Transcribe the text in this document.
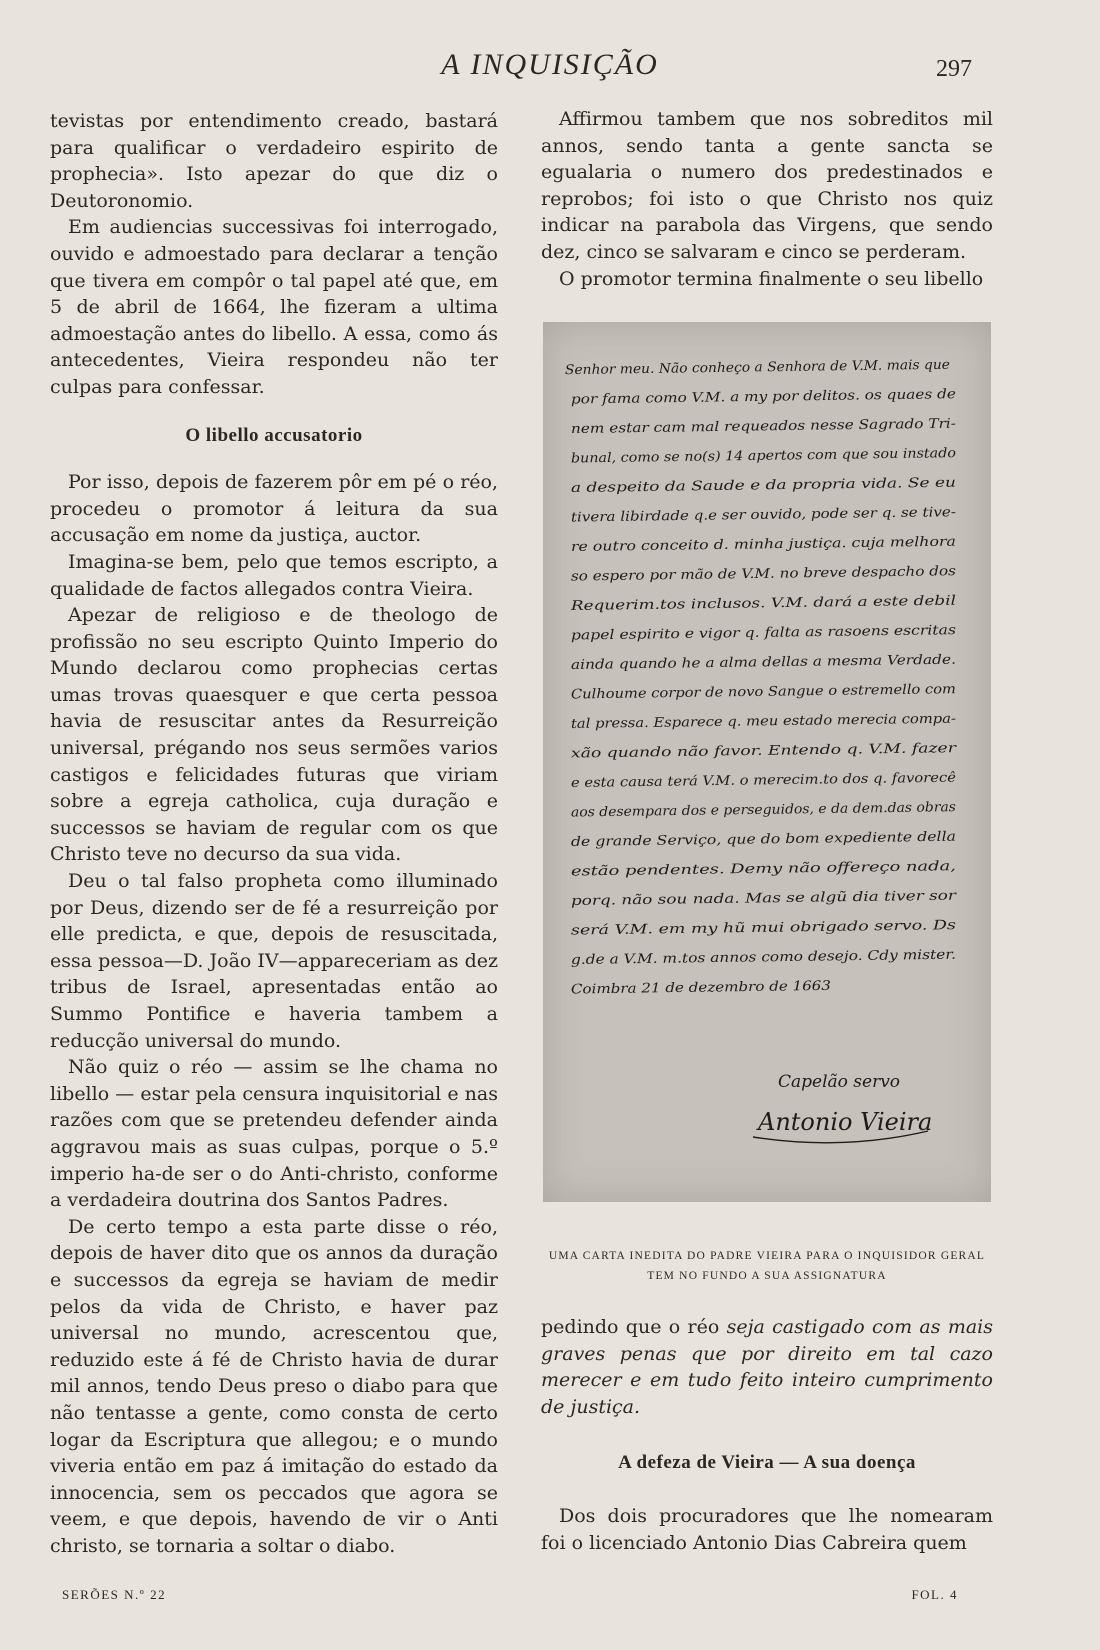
A INQUISIÇÃO	297

tevistas por entendimento creado, bastará para qualificar o verdadeiro espirito de prophecia». Isto apezar do que diz o Deutoronomio.

Em audiencias successivas foi interrogado, ouvido e admoestado para declarar a tenção que tivera em compôr o tal papel até que, em 5 de abril de 1664, lhe fizeram a ultima admoestação antes do libello. A essa, como ás antecedentes, Vieira respondeu não ter culpas para confessar.

O libello accusatorio

Por isso, depois de fazerem pôr em pé o réo, procedeu o promotor á leitura da sua accusação em nome da justiça, auctor.

Imagina-se bem, pelo que temos escripto, a qualidade de factos allegados contra Vieira.

Apezar de religioso e de theologo de profissão no seu escripto Quinto Imperio do Mundo declarou como prophecias certas umas trovas quaesquer e que certa pessoa havia de resuscitar antes da Resurreição universal, prégando nos seus sermões varios castigos e felicidades futuras que viriam sobre a egreja catholica, cuja duração e successos se haviam de regular com os que Christo teve no decurso da sua vida.

Deu o tal falso propheta como illuminado por Deus, dizendo ser de fé a resurreição por elle predicta, e que, depois de resuscitada, essa pessoa—D. João IV—appareceriam as dez tribus de Israel, apresentadas então ao Summo Pontifice e haveria tambem a reducção universal do mundo.

Não quiz o réo — assim se lhe chama no libello — estar pela censura inquisitorial e nas razões com que se pretendeu defender ainda aggravou mais as suas culpas, porque o 5.º imperio ha-de ser o do Anti-christo, conforme a verdadeira doutrina dos Santos Padres.

De certo tempo a esta parte disse o réo, depois de haver dito que os annos da duração e successos da egreja se haviam de medir pelos da vida de Christo, e haver paz universal no mundo, acrescentou que, reduzido este á fé de Christo havia de durar mil annos, tendo Deus preso o diabo para que não tentasse a gente, como consta de certo logar da Escriptura que allegou; e o mundo viveria então em paz á imitação do estado da innocencia, sem os peccados que agora se veem, e que depois, havendo de vir o Anti christo, se tornaria a soltar o diabo.

Affirmou tambem que nos sobreditos mil annos, sendo tanta a gente sancta se egualaria o numero dos predestinados e reprobos; foi isto o que Christo nos quiz indicar na parabola das Virgens, que sendo dez, cinco se salvaram e cinco se perderam.

O promotor termina finalmente o seu libello

Senhor meu. Não conheço a Senhora de V.M. mais que
por fama como V.M. a my por delitos. os quaes de
nem estar cam mal requeados nesse Sagrado Tri-
bunal, como se no(s) 14 apertos com que sou instado
a despeito da Saude e da propria vida. Se eu
tivera libirdade q.e ser ouvido, pode ser q. se tive-
re outro conceito d. minha justiça. cuja melhora
so espero por mão de V.M. no breve despacho dos
Requerim.tos inclusos. V.M. dará a este debil
papel espirito e vigor q. falta as rasoens escritas
ainda quando he a alma dellas a mesma Verdade.
Culhoume corpor de novo Sangue o estremello com
tal pressa. Esparece q. meu estado merecia compa-
xão quando não favor. Entendo q. V.M. fazer
e esta causa terá V.M. o merecim.to dos q. favorecê
aos desempara dos e perseguidos, e da dem.das obras
de grande Serviço, que do bom expediente della
estão pendentes. Demy não offereço nada,
porq. não sou nada. Mas se algũ dia tiver sor
será V.M. em my hũ mui obrigado servo. Ds
g.de a V.M. m.tos annos como desejo. Cdy mister.
Coimbra 21 de dezembro de 1663
Capelão servo
Antonio Vieira
UMA CARTA INEDITA DO PADRE VIEIRA PARA O INQUISIDOR GERAL
TEM NO FUNDO A SUA ASSIGNATURA

pedindo que o réo seja castigado com as mais graves penas que por direito em tal cazo merecer e em tudo feito inteiro cumprimento de justiça.

A defeza de Vieira — A sua doença

Dos dois procuradores que lhe nomearam foi o licenciado Antonio Dias Cabreira quem

SERÕES N.º 22	FOL. 4
